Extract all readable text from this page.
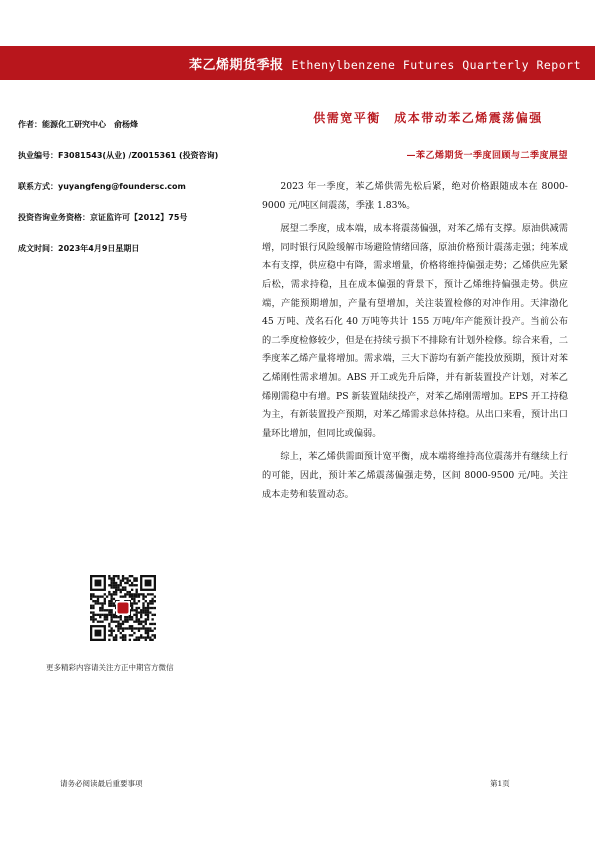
苯乙烯期货季报 Ethenylbenzene Futures Quarterly Report
作者：能源化工研究中心　俞杨烽
执业编号：F3081543(从业) /Z0015361 (投资咨询)
联系方式：yuyangfeng@foundersc.com
投资咨询业务资格：京证监许可【2012】75号
成文时间：2023年4月9日星期日
更多精彩内容请关注方正中期官方微信
供需宽平衡　成本带动苯乙烯震荡偏强
—苯乙烯期货一季度回顾与二季度展望

2023 年一季度，苯乙烯供需先松后紧，绝对价格跟随成本在 8000-9000 元/吨区间震荡，季涨 1.83%。

展望二季度，成本端，成本将震荡偏强，对苯乙烯有支撑。原油供减需增，同时银行风险缓解市场避险情绪回落，原油价格预计震荡走强；纯苯成本有支撑，供应稳中有降，需求增量，价格将维持偏强走势；乙烯供应先紧后松，需求持稳，且在成本偏强的背景下，预计乙烯维持偏强走势。供应端，产能预期增加，产量有望增加，关注装置检修的对冲作用。天津渤化 45 万吨、茂名石化 40 万吨等共计 155 万吨/年产能预计投产。当前公布的二季度检修较少，但是在持续亏损下不排除有计划外检修。综合来看，二季度苯乙烯产量将增加。需求端，三大下游均有新产能投放预期，预计对苯乙烯刚性需求增加。ABS 开工或先升后降，并有新装置投产计划，对苯乙烯刚需稳中有增。PS 新装置陆续投产，对苯乙烯刚需增加。EPS 开工持稳为主，有新装置投产预期，对苯乙烯需求总体持稳。从出口来看，预计出口量环比增加，但同比或偏弱。

综上，苯乙烯供需面预计宽平衡，成本端将维持高位震荡并有继续上行的可能，因此，预计苯乙烯震荡偏强走势，区间 8000-9500 元/吨。关注成本走势和装置动态。

请务必阅读最后重要事项	第1页
